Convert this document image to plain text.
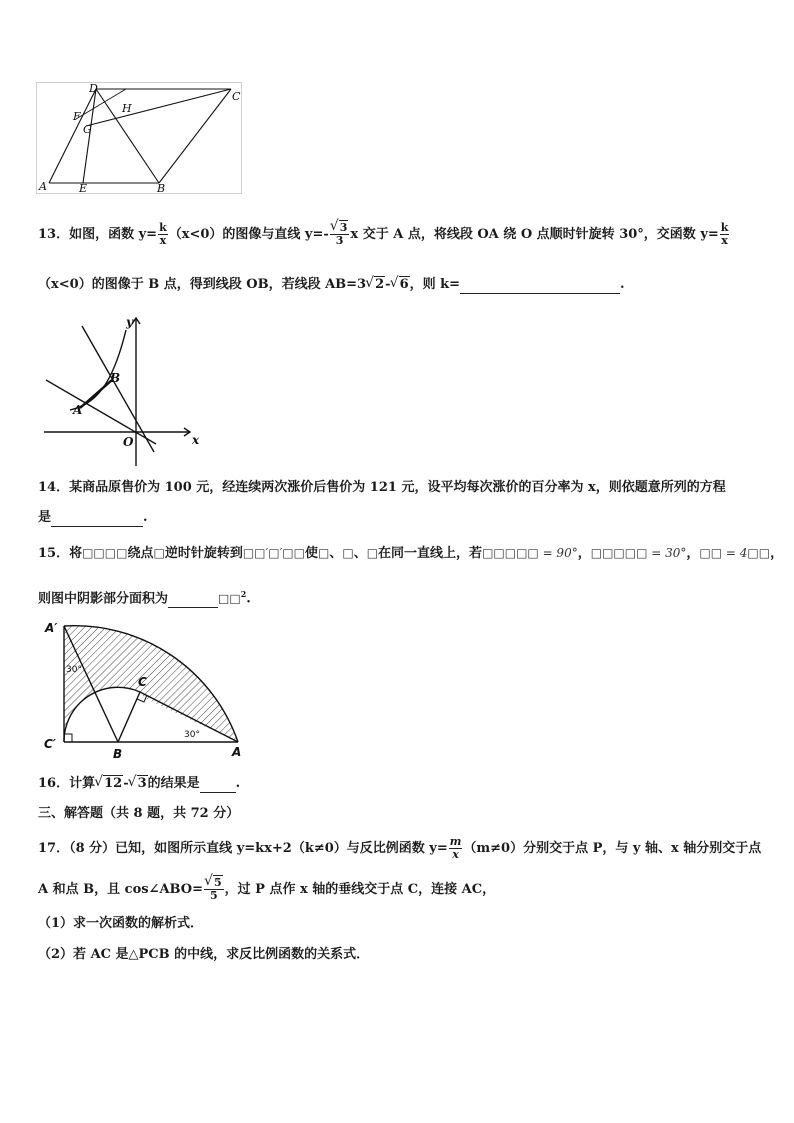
D
C
H
F
G
A	E	B
13．如图，函数 $y= \frac{k}{x} (x<0)$的图像与直线 y=- √ $\frac{3}{3}$ x 交于 A 点，将线段 OA 绕 O 点顺时针旋转 30°，交函数 $y= \frac{k}{x}$
（x<0）的图像于 B 点，得到线段 OB，若线段 AB=3 √ 2- √ 6，则 k=	.
y
B
A
O	x
14．某商品原售价为 100 元，经连续两次涨价后售价为 121 元，设平均每次涨价的百分率为 x，则依题意所列的方程
是	.
15．将□□□□绕点□逆时针旋转到□□′□′□□使□、□、□在同一直线上，若□□□□□ = 90°，□□□□□ = 30°，□□ = 4□□，
则图中阴影部分面积为	□□$^2$.
A′
30°
C
C′
B
30°
A
16．计算 √ 12- √ 3的结果是	.
三、解答题（共 8 题，共 72 分）
17．（8 分）已知，如图所示直线 y=kx+2（k≠0）与反比例函数 $y= \frac{m}{x} (m\ne 0)$分别交于点 P，与 y 轴、x 轴分别交于点
A 和点 B，且 cos∠ABO= √ $\frac{5}{5}$ ，过 P 点作 x 轴的垂线交于点 C，连接 AC，
（1）求一次函数的解析式．
（2）若 AC 是△PCB 的中线，求反比例函数的关系式．
